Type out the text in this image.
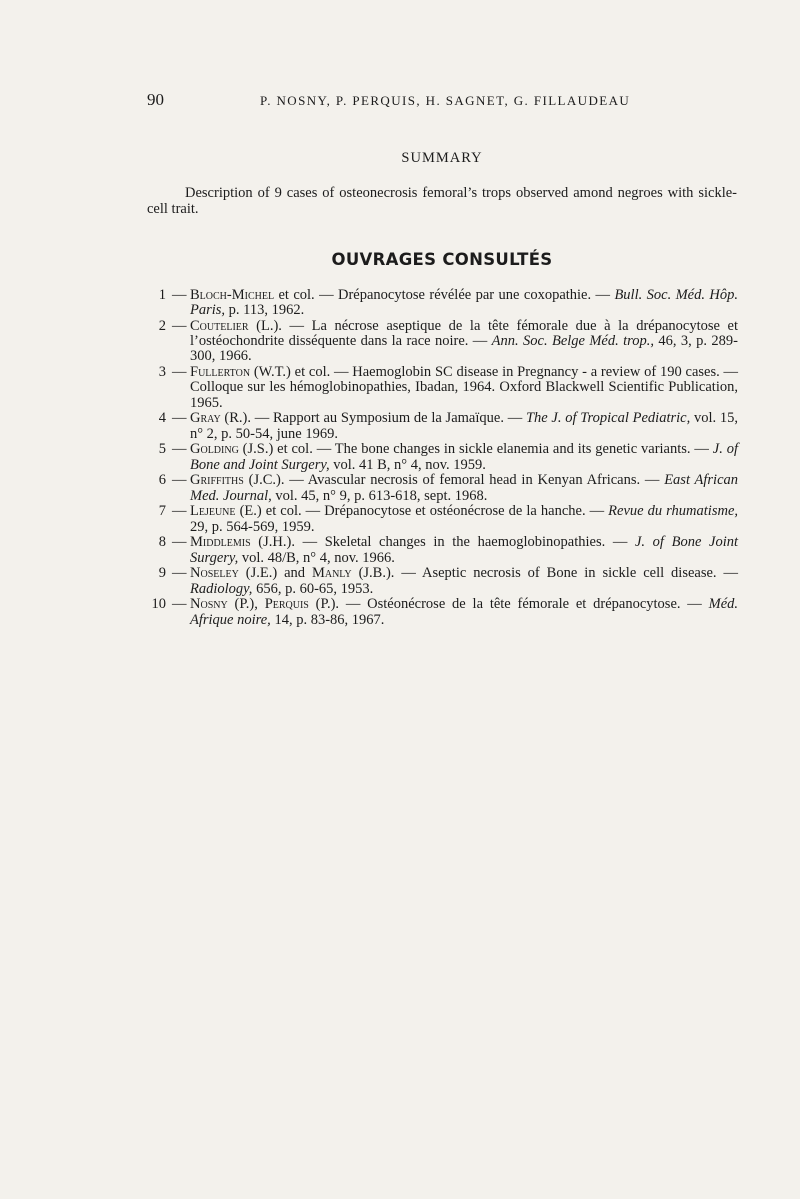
90	P. NOSNY, P. PERQUIS, H. SAGNET, G. FILLAUDEAU
SUMMARY
Description of 9 cases of osteonecrosis femoral’s trops observed amond negroes with sickle-cell trait.
OUVRAGES CONSULTÉS
1 — Bloch-Michel et col. — Drépanocytose révélée par une coxopathie. — Bull. Soc. Méd. Hôp. Paris, p. 113, 1962.
2 — Coutelier (L.). — La nécrose aseptique de la tête fémorale due à la drépanocytose et l’ostéochondrite disséquente dans la race noire. — Ann. Soc. Belge Méd. trop., 46, 3, p. 289-300, 1966.
3 — Fullerton (W.T.) et col. — Haemoglobin SC disease in Pregnancy - a review of 190 cases. — Colloque sur les hémoglobinopathies, Ibadan, 1964. Oxford Blackwell Scientific Publication, 1965.
4 — Gray (R.). — Rapport au Symposium de la Jamaïque. — The J. of Tropical Pediatric, vol. 15, n° 2, p. 50-54, june 1969.
5 — Golding (J.S.) et col. — The bone changes in sickle elanemia and its genetic variants. — J. of Bone and Joint Surgery, vol. 41 B, n° 4, nov. 1959.
6 — Griffiths (J.C.). — Avascular necrosis of femoral head in Kenyan Africans. — East African Med. Journal, vol. 45, n° 9, p. 613-618, sept. 1968.
7 — Lejeune (E.) et col. — Drépanocytose et ostéonécrose de la hanche. — Revue du rhumatisme, 29, p. 564-569, 1959.
8 — Middlemis (J.H.). — Skeletal changes in the haemoglobinopathies. — J. of Bone Joint Surgery, vol. 48/B, n° 4, nov. 1966.
9 — Noseley (J.E.) and Manly (J.B.). — Aseptic necrosis of Bone in sickle cell disease. — Radiology, 656, p. 60-65, 1953.
10 — Nosny (P.), Perquis (P.). — Ostéonécrose de la tête fémorale et drépanocytose. — Méd. Afrique noire, 14, p. 83-86, 1967.
